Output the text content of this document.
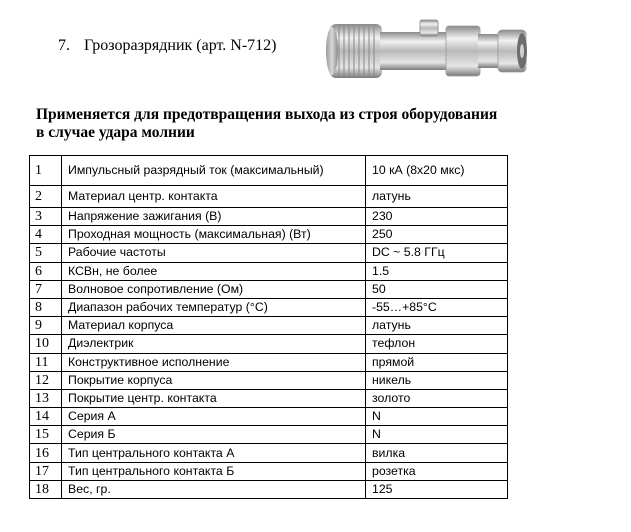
7. Грозоразрядник (арт. N-712)
Применяется для предотвращения выхода из строя оборудования
в случае удара молнии
1	Импульсный разрядный ток (максимальный)	10 кА (8х20 мкс)
2	Материал центр. контакта	латунь
3	Напряжение зажигания (В)	230
4	Проходная мощность (максимальная) (Вт)	250
5	Рабочие частоты	DC ~ 5.8 ГГц
6	КСВн, не более	1.5
7	Волновое сопротивление (Ом)	50
8	Диапазон рабочих температур (°С)	-55…+85°С
9	Материал корпуса	латунь
10	Диэлектрик	тефлон
11	Конструктивное исполнение	прямой
12	Покрытие корпуса	никель
13	Покрытие центр. контакта	золото
14	Серия А	N
15	Серия Б	N
16	Тип центрального контакта А	вилка
17	Тип центрального контакта Б	розетка
18	Вес, гр.	125
